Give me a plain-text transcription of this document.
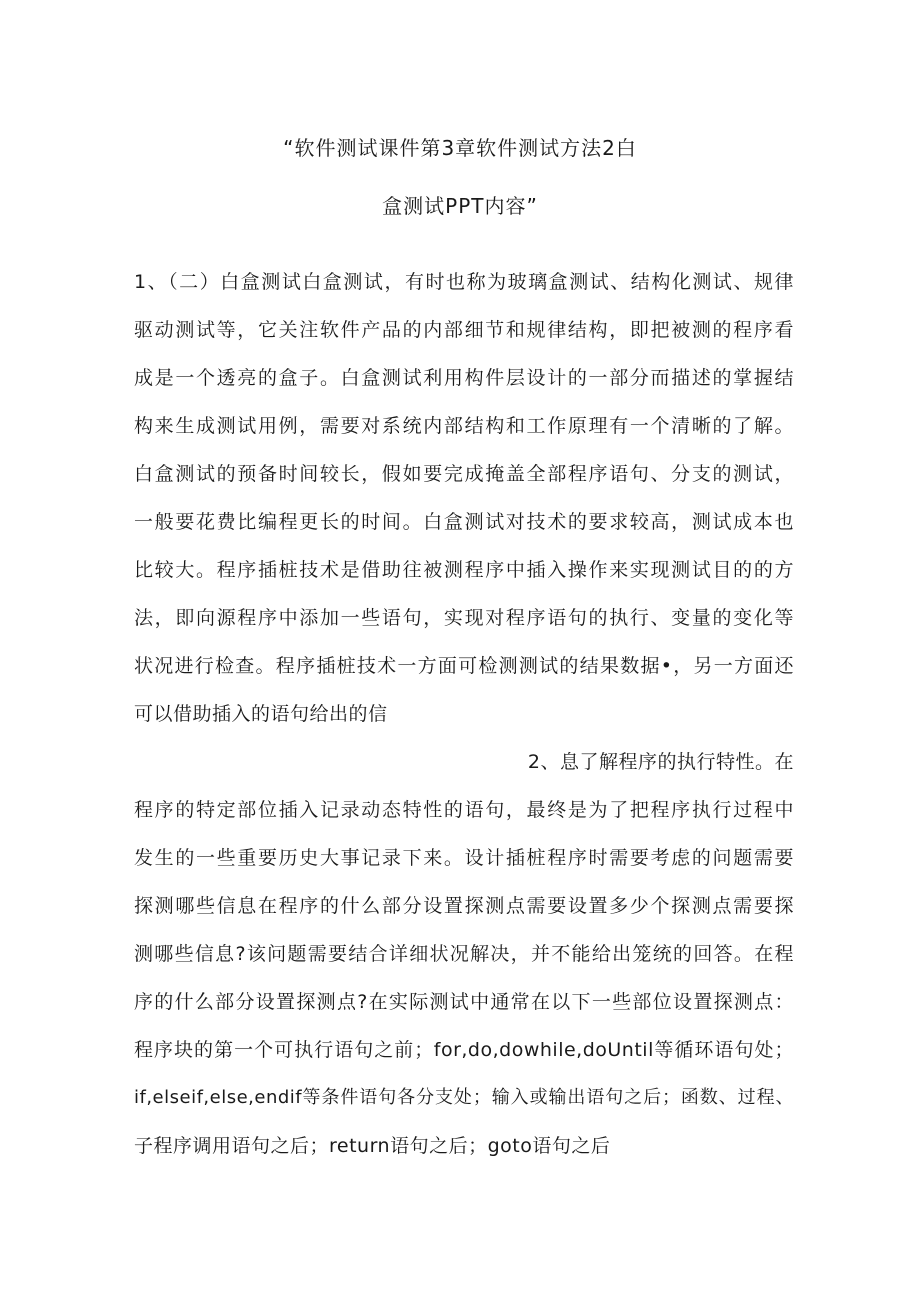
“软件测试课件第3章软件测试方法2白
盒测试PPT内容”
1、（二）白盒测试白盒测试，有时也称为玻璃盒测试、结构化测试、规律
驱动测试等，它关注软件产品的内部细节和规律结构，即把被测的程序看
成是一个透亮的盒子。白盒测试利用构件层设计的一部分而描述的掌握结
构来生成测试用例，需要对系统内部结构和工作原理有一个清晰的了解。
白盒测试的预备时间较长，假如要完成掩盖全部程序语句、分支的测试，
一般要花费比编程更长的时间。白盒测试对技术的要求较高，测试成本也
比较大。程序插桩技术是借助往被测程序中插入操作来实现测试目的的方
法，即向源程序中添加一些语句，实现对程序语句的执行、变量的变化等
状况进行检查。程序插桩技术一方面可检测测试的结果数据•，另一方面还
可以借助插入的语句给出的信
2、息了解程序的执行特性。在
程序的特定部位插入记录动态特性的语句，最终是为了把程序执行过程中
发生的一些重要历史大事记录下来。设计插桩程序时需要考虑的问题需要
探测哪些信息在程序的什么部分设置探测点需要设置多少个探测点需要探
测哪些信息?该问题需要结合详细状况解决，并不能给出笼统的回答。在程
序的什么部分设置探测点?在实际测试中通常在以下一些部位设置探测点：
程序块的第一个可执行语句之前；for,do,dowhile,doUntil等循环语句处；
if,elseif,else,endif等条件语句各分支处；输入或输出语句之后；函数、过程、
子程序调用语句之后；return语句之后；goto语句之后
